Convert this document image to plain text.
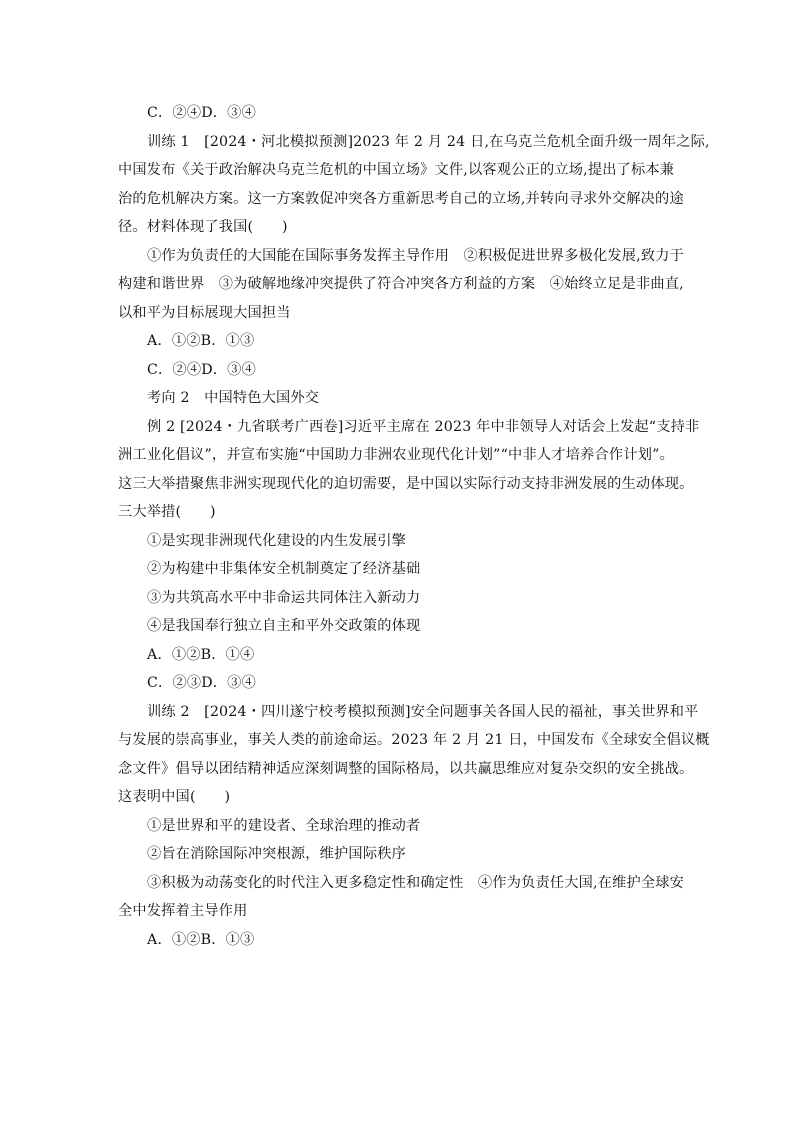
C．②④D．③④
训练 1　[2024・河北模拟预测]2023 年 2 月 24 日,在乌克兰危机全面升级一周年之际,
中国发布《关于政治解决乌克兰危机的中国立场》文件,以客观公正的立场,提出了标本兼
治的危机解决方案。这一方案敦促冲突各方重新思考自己的立场,并转向寻求外交解决的途
径。材料体现了我国(　　)
①作为负责任的大国能在国际事务发挥主导作用　②积极促进世界多极化发展,致力于
构建和谐世界　③为破解地缘冲突提供了符合冲突各方利益的方案　④始终立足是非曲直,
以和平为目标展现大国担当
A．①②B．①③
C．②④D．③④
考向 2　中国特色大国外交
例 2 [2024・九省联考广西卷]习近平主席在 2023 年中非领导人对话会上发起“支持非
洲工业化倡议”，并宣布实施“中国助力非洲农业现代化计划”“中非人才培养合作计划”。
这三大举措聚焦非洲实现现代化的迫切需要，是中国以实际行动支持非洲发展的生动体现。
三大举措(　　)
①是实现非洲现代化建设的内生发展引擎
②为构建中非集体安全机制奠定了经济基础
③为共筑高水平中非命运共同体注入新动力
④是我国奉行独立自主和平外交政策的体现
A．①②B．①④
C．②③D．③④
训练 2　[2024・四川遂宁校考模拟预测]安全问题事关各国人民的福祉，事关世界和平
与发展的崇高事业，事关人类的前途命运。2023 年 2 月 21 日，中国发布《全球安全倡议概
念文件》倡导以团结精神适应深刻调整的国际格局，以共赢思维应对复杂交织的安全挑战。
这表明中国(　　)
①是世界和平的建设者、全球治理的推动者
②旨在消除国际冲突根源，维护国际秩序
③积极为动荡变化的时代注入更多稳定性和确定性　④作为负责任大国,在维护全球安
全中发挥着主导作用
A．①②B．①③
